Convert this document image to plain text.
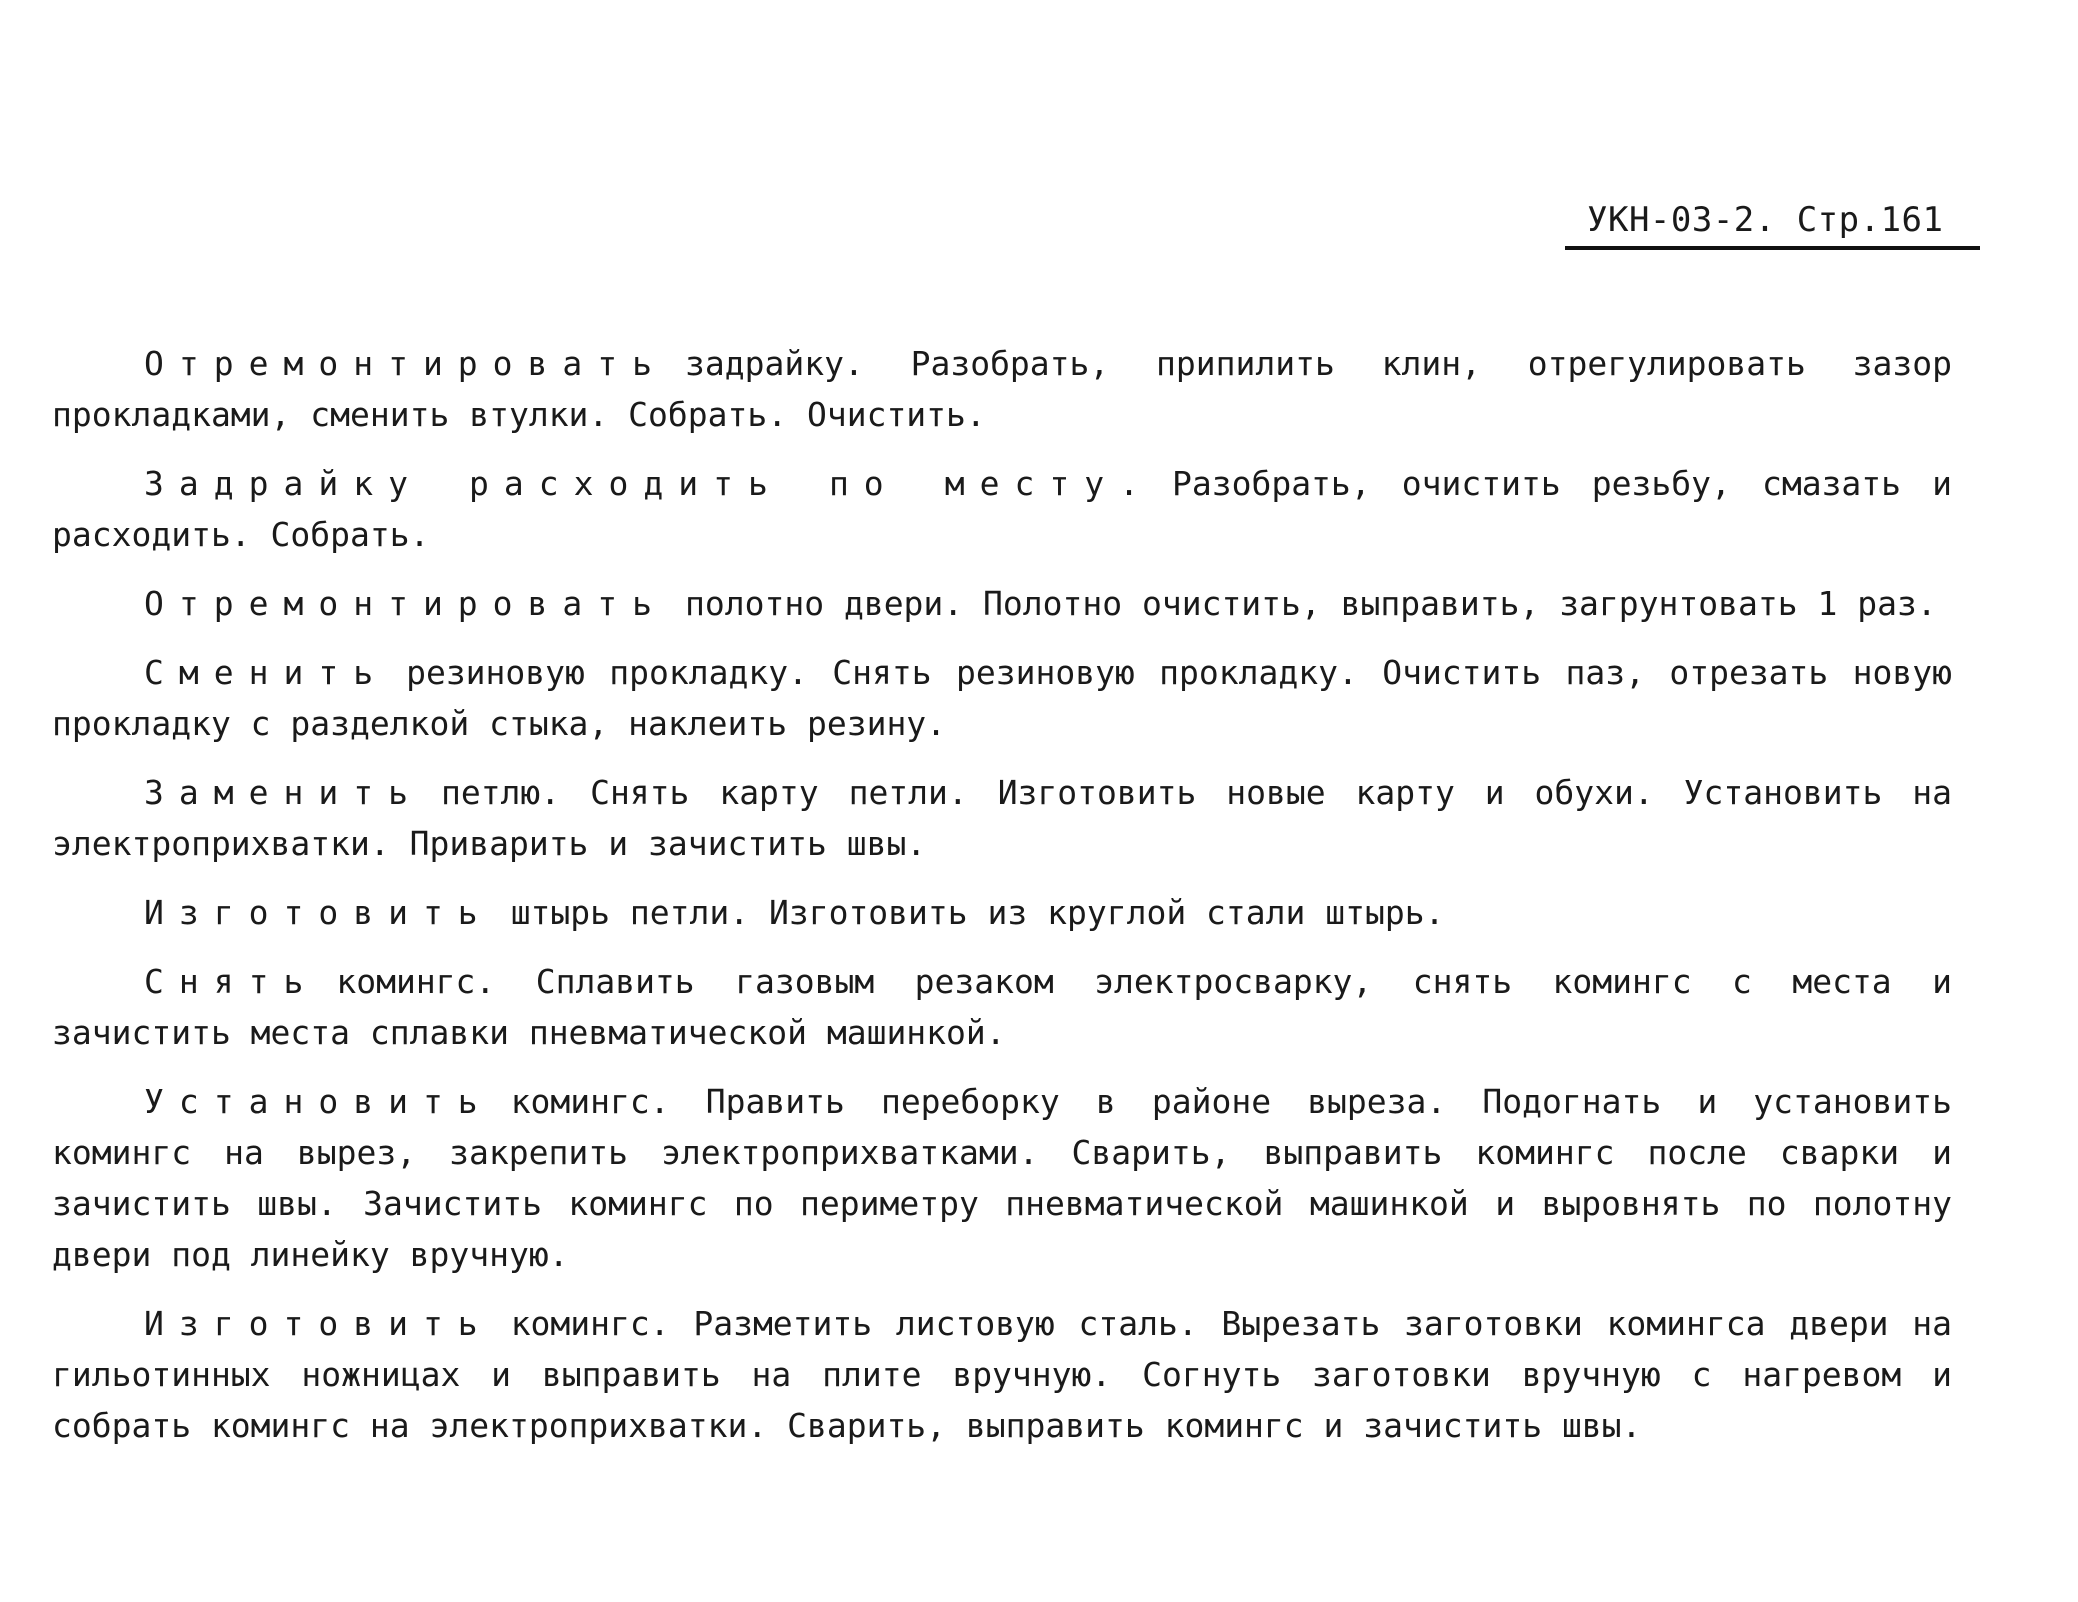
УКН-03-2. Стр.161

Отремонтировать задрайку. Разобрать, припилить клин, отрегулировать зазор прокладками, сменить втулки. Собрать. Очистить.

Задрайку расходить по месту. Разобрать, очистить резьбу, смазать и расходить. Собрать.

Отремонтировать полотно двери. Полотно очистить, выправить, загрунтовать 1 раз.

Сменить резиновую прокладку. Снять резиновую прокладку. Очистить паз, отрезать новую прокладку с разделкой стыка, наклеить резину.

Заменить петлю. Снять карту петли. Изготовить новые карту и обухи. Установить на электроприхватки. Приварить и зачистить швы.

Изготовить штырь петли. Изготовить из круглой стали штырь.

Снять комингс. Сплавить газовым резаком электросварку, снять комингс с места и зачистить места сплавки пневматической машинкой.

Установить комингс. Править переборку в районе выреза. Подогнать и установить комингс на вырез, закрепить электроприхватками. Сварить, выправить комингс после сварки и зачистить швы. Зачистить комингс по периметру пневматической машинкой и выровнять по полотну двери под линейку вручную.

Изготовить комингс. Разметить листовую сталь. Вырезать заготовки комингса двери на гильотинных ножницах и выправить на плите вручную. Согнуть заготовки вручную с нагревом и собрать комингс на электроприхватки. Сварить, выправить комингс и зачистить швы.
